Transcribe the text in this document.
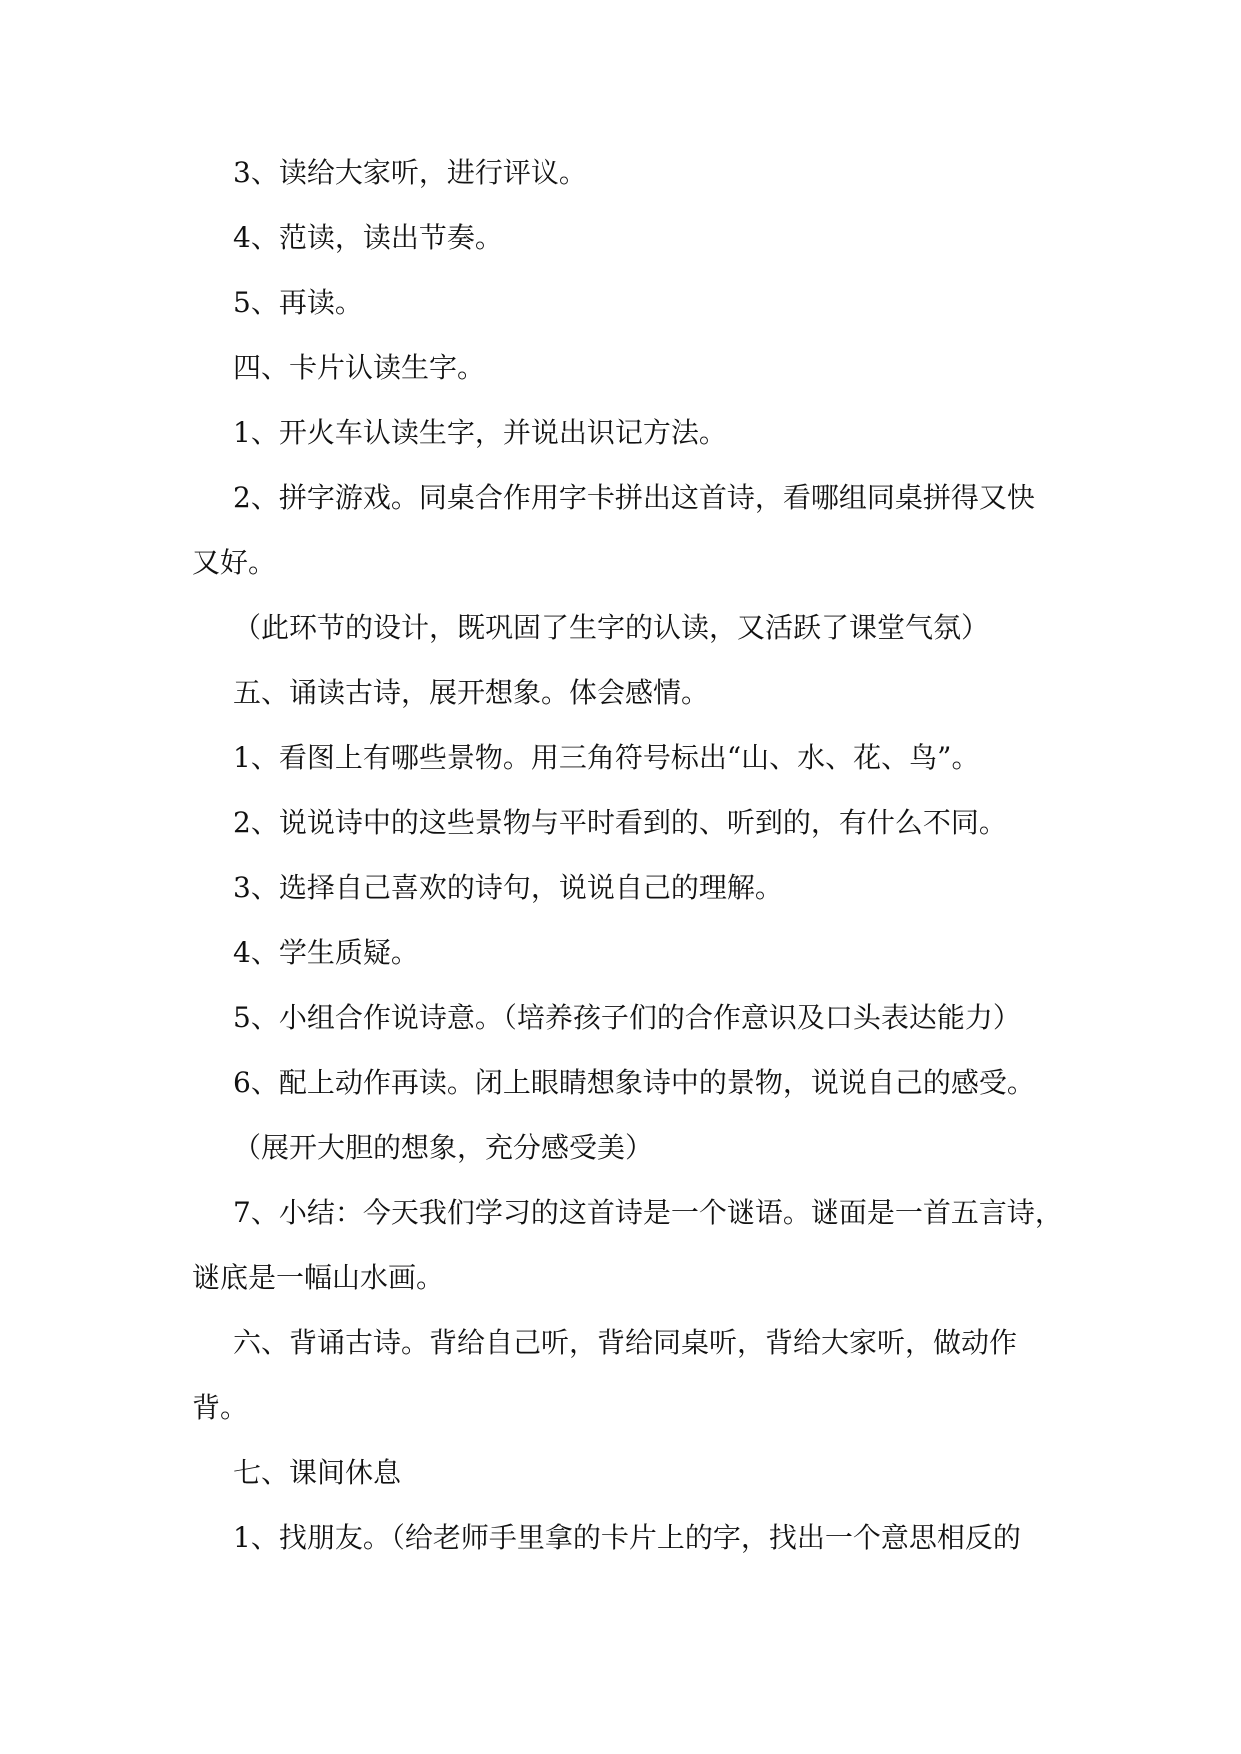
3、读给大家听，进行评议。
4、范读，读出节奏。
5、再读。
四、卡片认读生字。
1、开火车认读生字，并说出识记方法。
2、拼字游戏。同桌合作用字卡拼出这首诗，看哪组同桌拼得又快
又好。
（此环节的设计，既巩固了生字的认读，又活跃了课堂气氛）
五、诵读古诗，展开想象。体会感情。
1、看图上有哪些景物。用三角符号标出“山、水、花、鸟”。
2、说说诗中的这些景物与平时看到的、听到的，有什么不同。
3、选择自己喜欢的诗句，说说自己的理解。
4、学生质疑。
5、小组合作说诗意。（培养孩子们的合作意识及口头表达能力）
6、配上动作再读。闭上眼睛想象诗中的景物，说说自己的感受。
（展开大胆的想象，充分感受美）
7、小结：今天我们学习的这首诗是一个谜语。谜面是一首五言诗，
谜底是一幅山水画。
六、背诵古诗。背给自己听，背给同桌听，背给大家听，做动作
背。
七、课间休息
1、找朋友。（给老师手里拿的卡片上的字，找出一个意思相反的
